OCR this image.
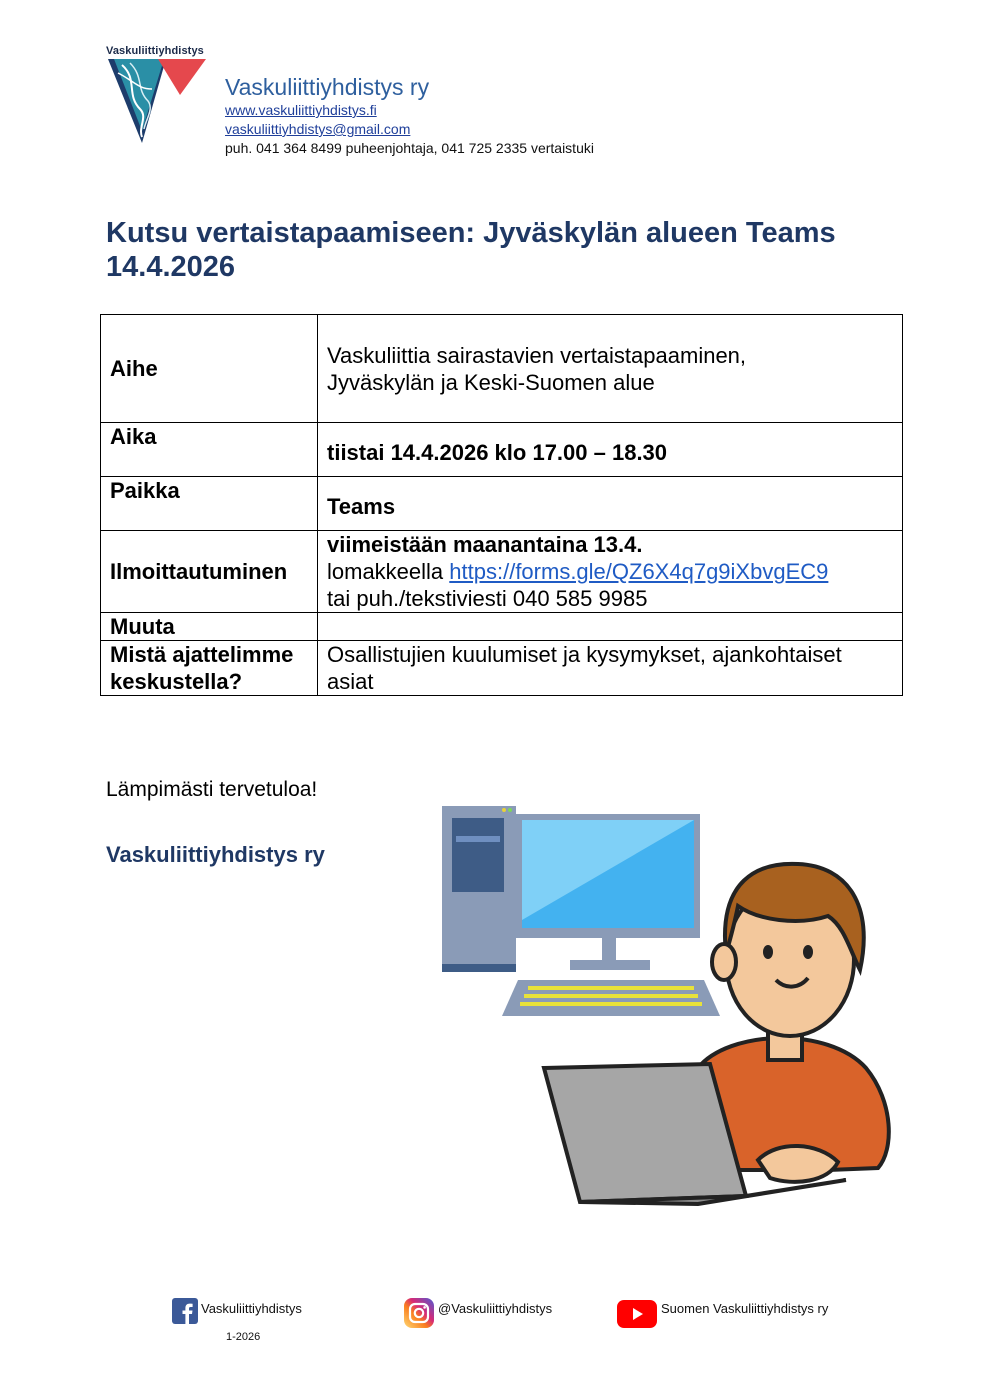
Vaskuliittiyhdistys
Vaskuliittiyhdistys ry
www.vaskuliittiyhdistys.fi
vaskuliittiyhdistys@gmail.com
puh. 041 364 8499 puheenjohtaja, 041 725 2335 vertaistuki
Kutsu vertaistapaamiseen: Jyväskylän alueen Teams 14.4.2026
Aihe	Vaskuliittia sairastavien vertaistapaaminen,
Jyväskylän ja Keski-Suomen alue

Aika	tiistai 14.4.2026 klo 17.00 – 18.30
Paikka	Teams
Ilmoittautuminen	viimeistään maanantaina 13.4.
lomakkeella https://forms.gle/QZ6X4q7g9iXbvgEC9
tai puh./tekstiviesti 040 585 9985

Muuta	
Mistä ajattelimme keskustella?	Osallistujien kuulumiset ja kysymykset, ajankohtaiset asiat
Lämpimästi tervetuloa!
Vaskuliittiyhdistys ry
Vaskuliittiyhdistys	@Vaskuliittiyhdistys	Suomen Vaskuliittiyhdistys ry
1-2026
